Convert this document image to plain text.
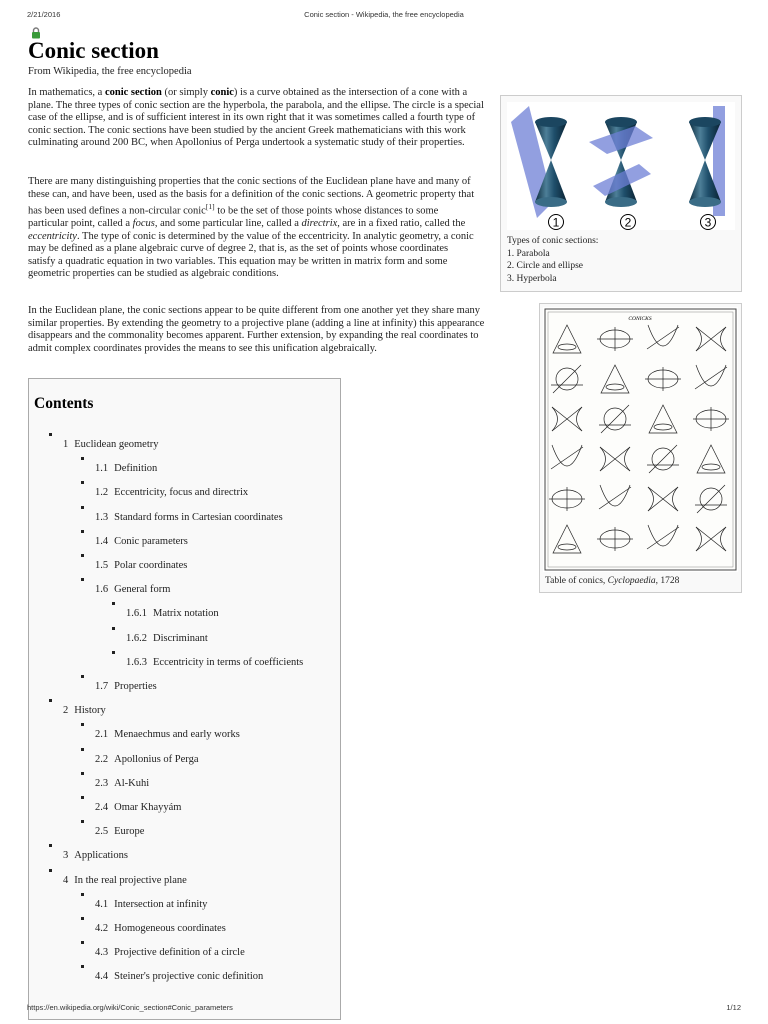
2/21/2016	Conic section - Wikipedia, the free encyclopedia
Conic section
From Wikipedia, the free encyclopedia

In mathematics, a conic section (or simply conic) is a curve obtained as the intersection of a cone with a plane. The three types of conic section are the hyperbola, the parabola, and the ellipse. The circle is a special case of the ellipse, and is of sufficient interest in its own right that it was sometimes called a fourth type of conic section. The conic sections have been studied by the ancient Greek mathematicians with this work culminating around 200 BC, when Apollonius of Perga undertook a systematic study of their properties.

There are many distinguishing properties that the conic sections of the Euclidean plane have and many of these can, and have been, used as the basis for a definition of the conic sections. A geometric property that has been used defines a non-circular conic[1] to be the set of those points whose distances to some particular point, called a focus, and some particular line, called a directrix, are in a fixed ratio, called the eccentricity. The type of conic is determined by the value of the eccentricity. In analytic geometry, a conic may be defined as a plane algebraic curve of degree 2, that is, as the set of points whose coordinates satisfy a quadratic equation in two variables. This equation may be written in matrix form and some geometric properties can be studied as algebraic conditions.

In the Euclidean plane, the conic sections appear to be quite different from one another yet they share many similar properties. By extending the geometry to a projective plane (adding a line at infinity) this appearance disappears and the commonality becomes apparent. Further extension, by expanding the real coordinates to admit complex coordinates provides the means to see this unification algebraically.

1	2	3
Types of conic sections:
1. Parabola
2. Circle and ellipse
3. Hyperbola
CONICKS
Table of conics, Cyclopaedia, 1728
Contents
1 Euclidean geometry
1.1 Definition
1.2 Eccentricity, focus and directrix
1.3 Standard forms in Cartesian coordinates
1.4 Conic parameters
1.5 Polar coordinates
1.6 General form
1.6.1 Matrix notation
1.6.2 Discriminant
1.6.3 Eccentricity in terms of coefficients
1.7 Properties
2 History
2.1 Menaechmus and early works
2.2 Apollonius of Perga
2.3 Al-Kuhi
2.4 Omar Khayyám
2.5 Europe
3 Applications
4 In the real projective plane
4.1 Intersection at infinity
4.2 Homogeneous coordinates
4.3 Projective definition of a circle
4.4 Steiner's projective conic definition
https://en.wikipedia.org/wiki/Conic_section#Conic_parameters	1/12
